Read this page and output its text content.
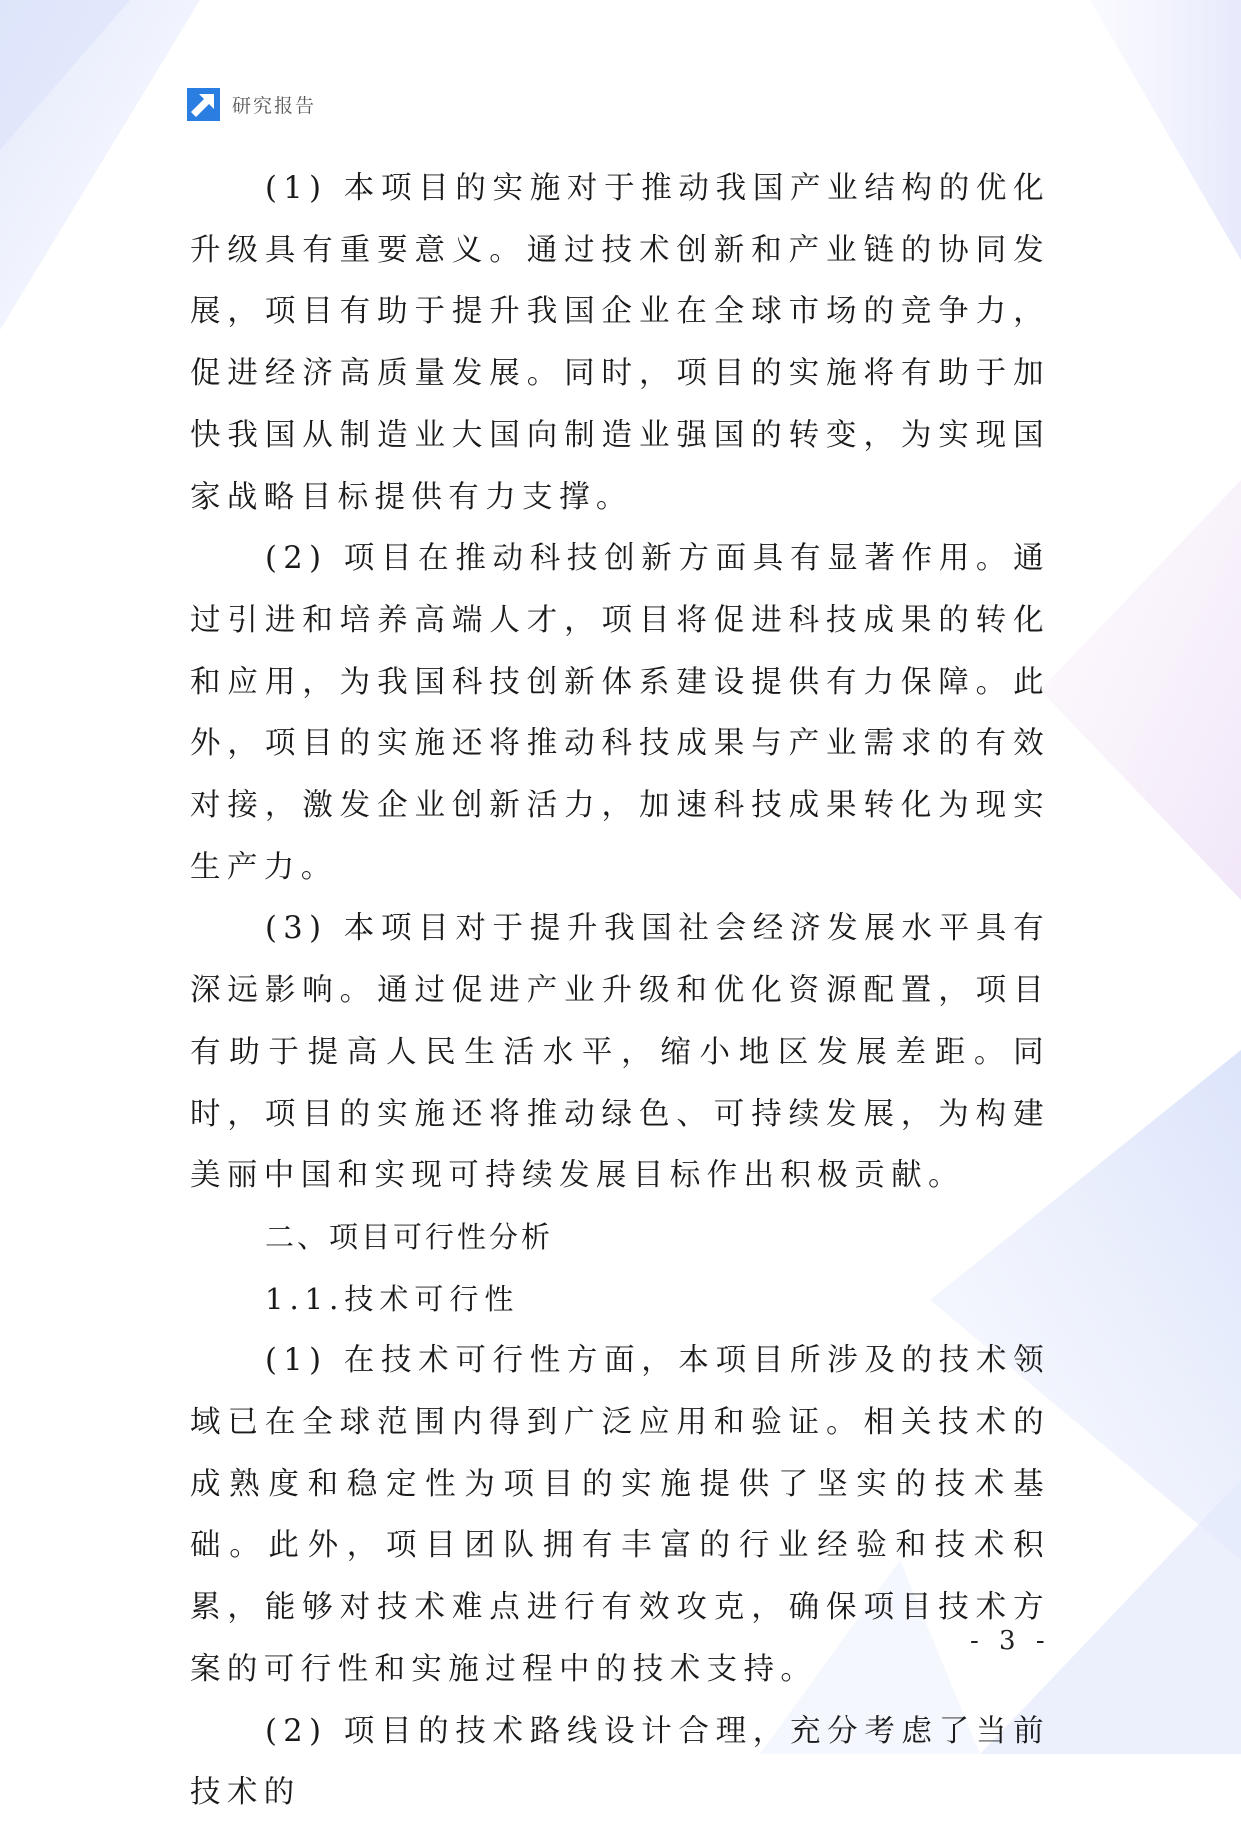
研究报告

(1) 本项目的实施对于推动我国产业结构的优化升级具有重要意义。通过技术创新和产业链的协同发展，项目有助于提升我国企业在全球市场的竞争力，促进经济高质量发展。同时，项目的实施将有助于加快我国从制造业大国向制造业强国的转变，为实现国家战略目标提供有力支撑。

(2) 项目在推动科技创新方面具有显著作用。通过引进和培养高端人才，项目将促进科技成果的转化和应用，为我国科技创新体系建设提供有力保障。此外，项目的实施还将推动科技成果与产业需求的有效对接，激发企业创新活力，加速科技成果转化为现实生产力。

(3) 本项目对于提升我国社会经济发展水平具有深远影响。通过促进产业升级和优化资源配置，项目有助于提高人民生活水平，缩小地区发展差距。同时，项目的实施还将推动绿色、可持续发展，为构建美丽中国和实现可持续发展目标作出积极贡献。

二、项目可行性分析

1.1.技术可行性

(1) 在技术可行性方面，本项目所涉及的技术领域已在全球范围内得到广泛应用和验证。相关技术的成熟度和稳定性为项目的实施提供了坚实的技术基础。此外，项目团队拥有丰富的行业经验和技术积累，能够对技术难点进行有效攻克，确保项目技术方案的可行性和实施过程中的技术支持。

(2) 项目的技术路线设计合理，充分考虑了当前技术的

- 3 -
